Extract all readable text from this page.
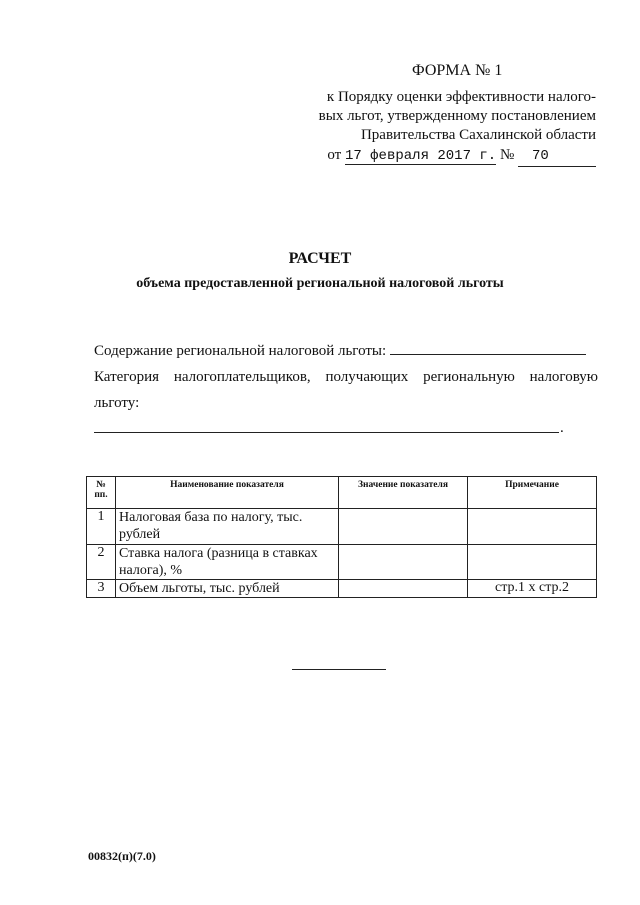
ФОРМА № 1
к Порядку оценки эффективности налого-
вых льгот, утвержденному постановлением
Правительства Сахалинской области
от 17 февраля 2017 г. № 70
РАСЧЕТ
объема предоставленной региональной налоговой льготы
Содержание региональной налоговой льготы:
Категория налогоплательщиков, получающих региональную налоговую
льготу:
.
№ пп.	Наименование показателя	Значение показателя	Примечание
1	Налоговая база по налогу, тыс. рублей		
2	Ставка налога (разница в ставках налога), %		
3	Объем льготы, тыс. рублей		стр.1 х стр.2
00832(п)(7.0)
